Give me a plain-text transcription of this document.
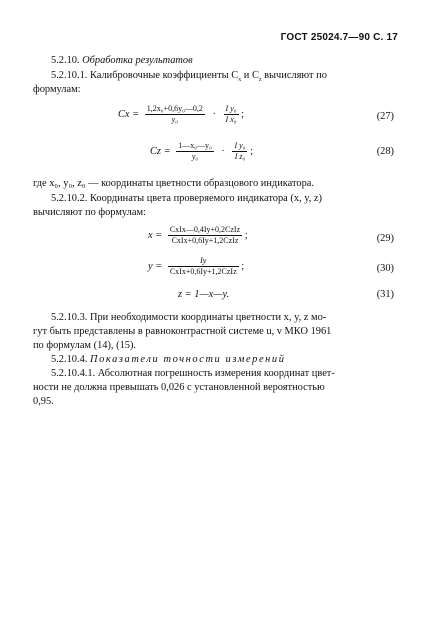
ГОСТ 25024.7—90 С. 17
5.2.10. Обработка результатов
5.2.10.1. Калибровочные коэффициенты $C_x$ и $C_z$ вычисляют по
формулам:
$Cx = \frac{\text{1,2x₀+0,6y₀—0,2}}{\text{y₀}} \cdot \frac{\text{I y₀}}{\text{I x₀}}$ ;	(27)
$Cz = \frac{\text{1—x₀—y₀}}{\text{y₀}} \cdot \frac{\text{I y₀}}{\text{I z₀}}$ ;	(28)
где x₀, y₀, z₀ — координаты цветности образцового индикатора.
5.2.10.2. Координаты цвета проверяемого индикатора (x, y, z)
вычисляют по формулам:
$x = \frac{\text{CxIx—0,4Iy+0,2CzIz}}{\text{CxIx+0,6Iy+1,2CzIz}}$ ;	(29)
$y = \frac{Iy}{\text{CxIx+0,6Iy+1,2CzIz}}$ ;	(30)
z = 1—x—y.	(31)
5.2.10.3. При необходимости координаты цветности x, y, z мо-
гут быть представлены в равноконтрастной системе u, v МКО 1961
по формулам (14), (15).
5.2.10.4. Показатели точности измерений
5.2.10.4.1. Абсолютная погрешность измерения координат цвет-
ности не должна превышать 0,026 с установленной вероятностью
0,95.
